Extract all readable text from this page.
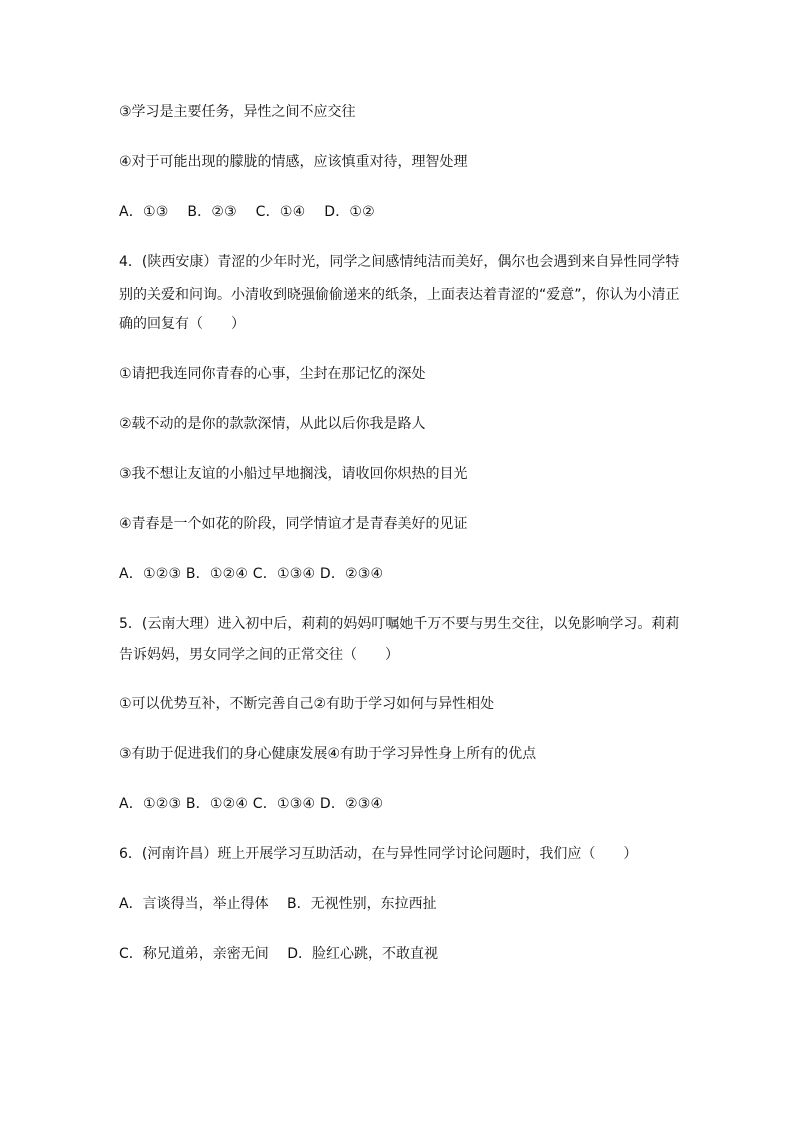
③学习是主要任务，异性之间不应交往
④对于可能出现的朦胧的情感，应该慎重对待，理智处理
A．①③　 B．②③　 C．①④　 D．①②
4．(陕西安康）青涩的少年时光，同学之间感情纯洁而美好，偶尔也会遇到来自异性同学特
别的关爱和问询。小清收到晓强偷偷递来的纸条，上面表达着青涩的“爱意”，你认为小清正
确的回复有（　　）
①请把我连同你青春的心事，尘封在那记忆的深处
②载不动的是你的款款深情，从此以后你我是路人
③我不想让友谊的小船过早地搁浅，请收回你炽热的目光
④青春是一个如花的阶段，同学情谊才是青春美好的见证
A．①②③ B．①②④ C．①③④ D．②③④
5．(云南大理）进入初中后，莉莉的妈妈叮嘱她千万不要与男生交往，以免影响学习。莉莉
告诉妈妈，男女同学之间的正常交往（　　）
①可以优势互补，不断完善自己②有助于学习如何与异性相处
③有助于促进我们的身心健康发展④有助于学习异性身上所有的优点
A．①②③ B．①②④ C．①③④ D．②③④
6．(河南许昌）班上开展学习互助活动，在与异性同学讨论问题时，我们应（　　）
A．言谈得当，举止得体　 B．无视性别，东拉西扯
C．称兄道弟，亲密无间　 D．脸红心跳，不敢直视
